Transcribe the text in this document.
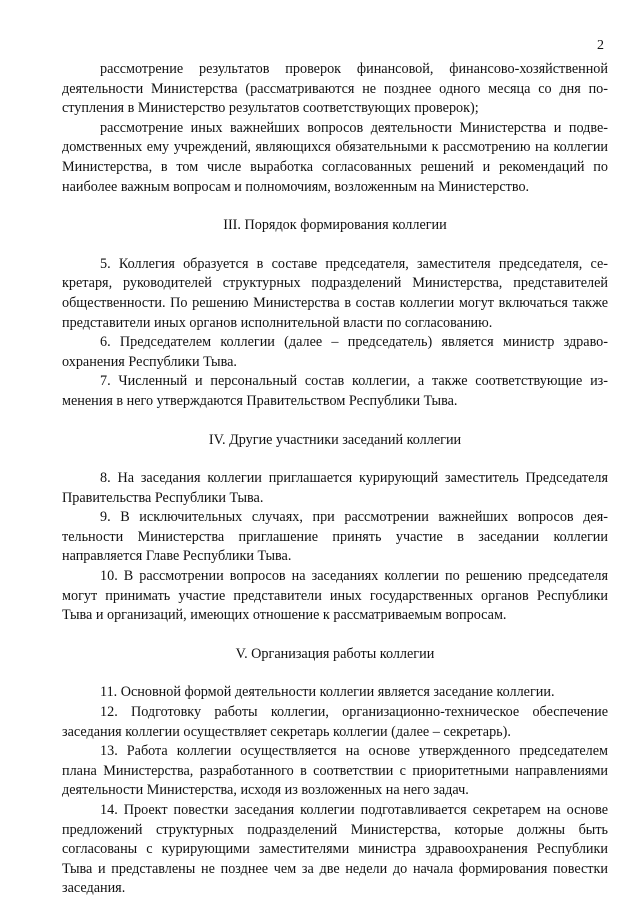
2

рассмотрение результатов проверок финансовой, финансово-хозяйственной деятельности Министерства (рассматриваются не позднее одного месяца со дня поступления в Министерство результатов соответствующих проверок);

рассмотрение иных важнейших вопросов деятельности Министерства и подведомственных ему учреждений, являющихся обязательными к рассмотрению на коллегии Министерства, в том числе выработка согласованных решений и рекомендаций по наиболее важным вопросам и полномочиям, возложенным на Министерство.

III. Порядок формирования коллегии

5. Коллегия образуется в составе председателя, заместителя председателя, секретаря, руководителей структурных подразделений Министерства, представителей общественности. По решению Министерства в состав коллегии могут включаться также представители иных органов исполнительной власти по согласованию.

6. Председателем коллегии (далее – председатель) является министр здравоохранения Республики Тыва.

7. Численный и персональный состав коллегии, а также соответствующие изменения в него утверждаются Правительством Республики Тыва.

IV. Другие участники заседаний коллегии

8. На заседания коллегии приглашается курирующий заместитель Председателя Правительства Республики Тыва.

9. В исключительных случаях, при рассмотрении важнейших вопросов деятельности Министерства приглашение принять участие в заседании коллегии направляется Главе Республики Тыва.

10. В рассмотрении вопросов на заседаниях коллегии по решению председателя могут принимать участие представители иных государственных органов Республики Тыва и организаций, имеющих отношение к рассматриваемым вопросам.

V. Организация работы коллегии

11. Основной формой деятельности коллегии является заседание коллегии.

12. Подготовку работы коллегии, организационно-техническое обеспечение заседания коллегии осуществляет секретарь коллегии (далее – секретарь).

13. Работа коллегии осуществляется на основе утвержденного председателем плана Министерства, разработанного в соответствии с приоритетными направлениями деятельности Министерства, исходя из возложенных на него задач.

14. Проект повестки заседания коллегии подготавливается секретарем на основе предложений структурных подразделений Министерства, которые должны быть согласованы с курирующими заместителями министра здравоохранения Республики Тыва и представлены не позднее чем за две недели до начала формирования повестки заседания.
